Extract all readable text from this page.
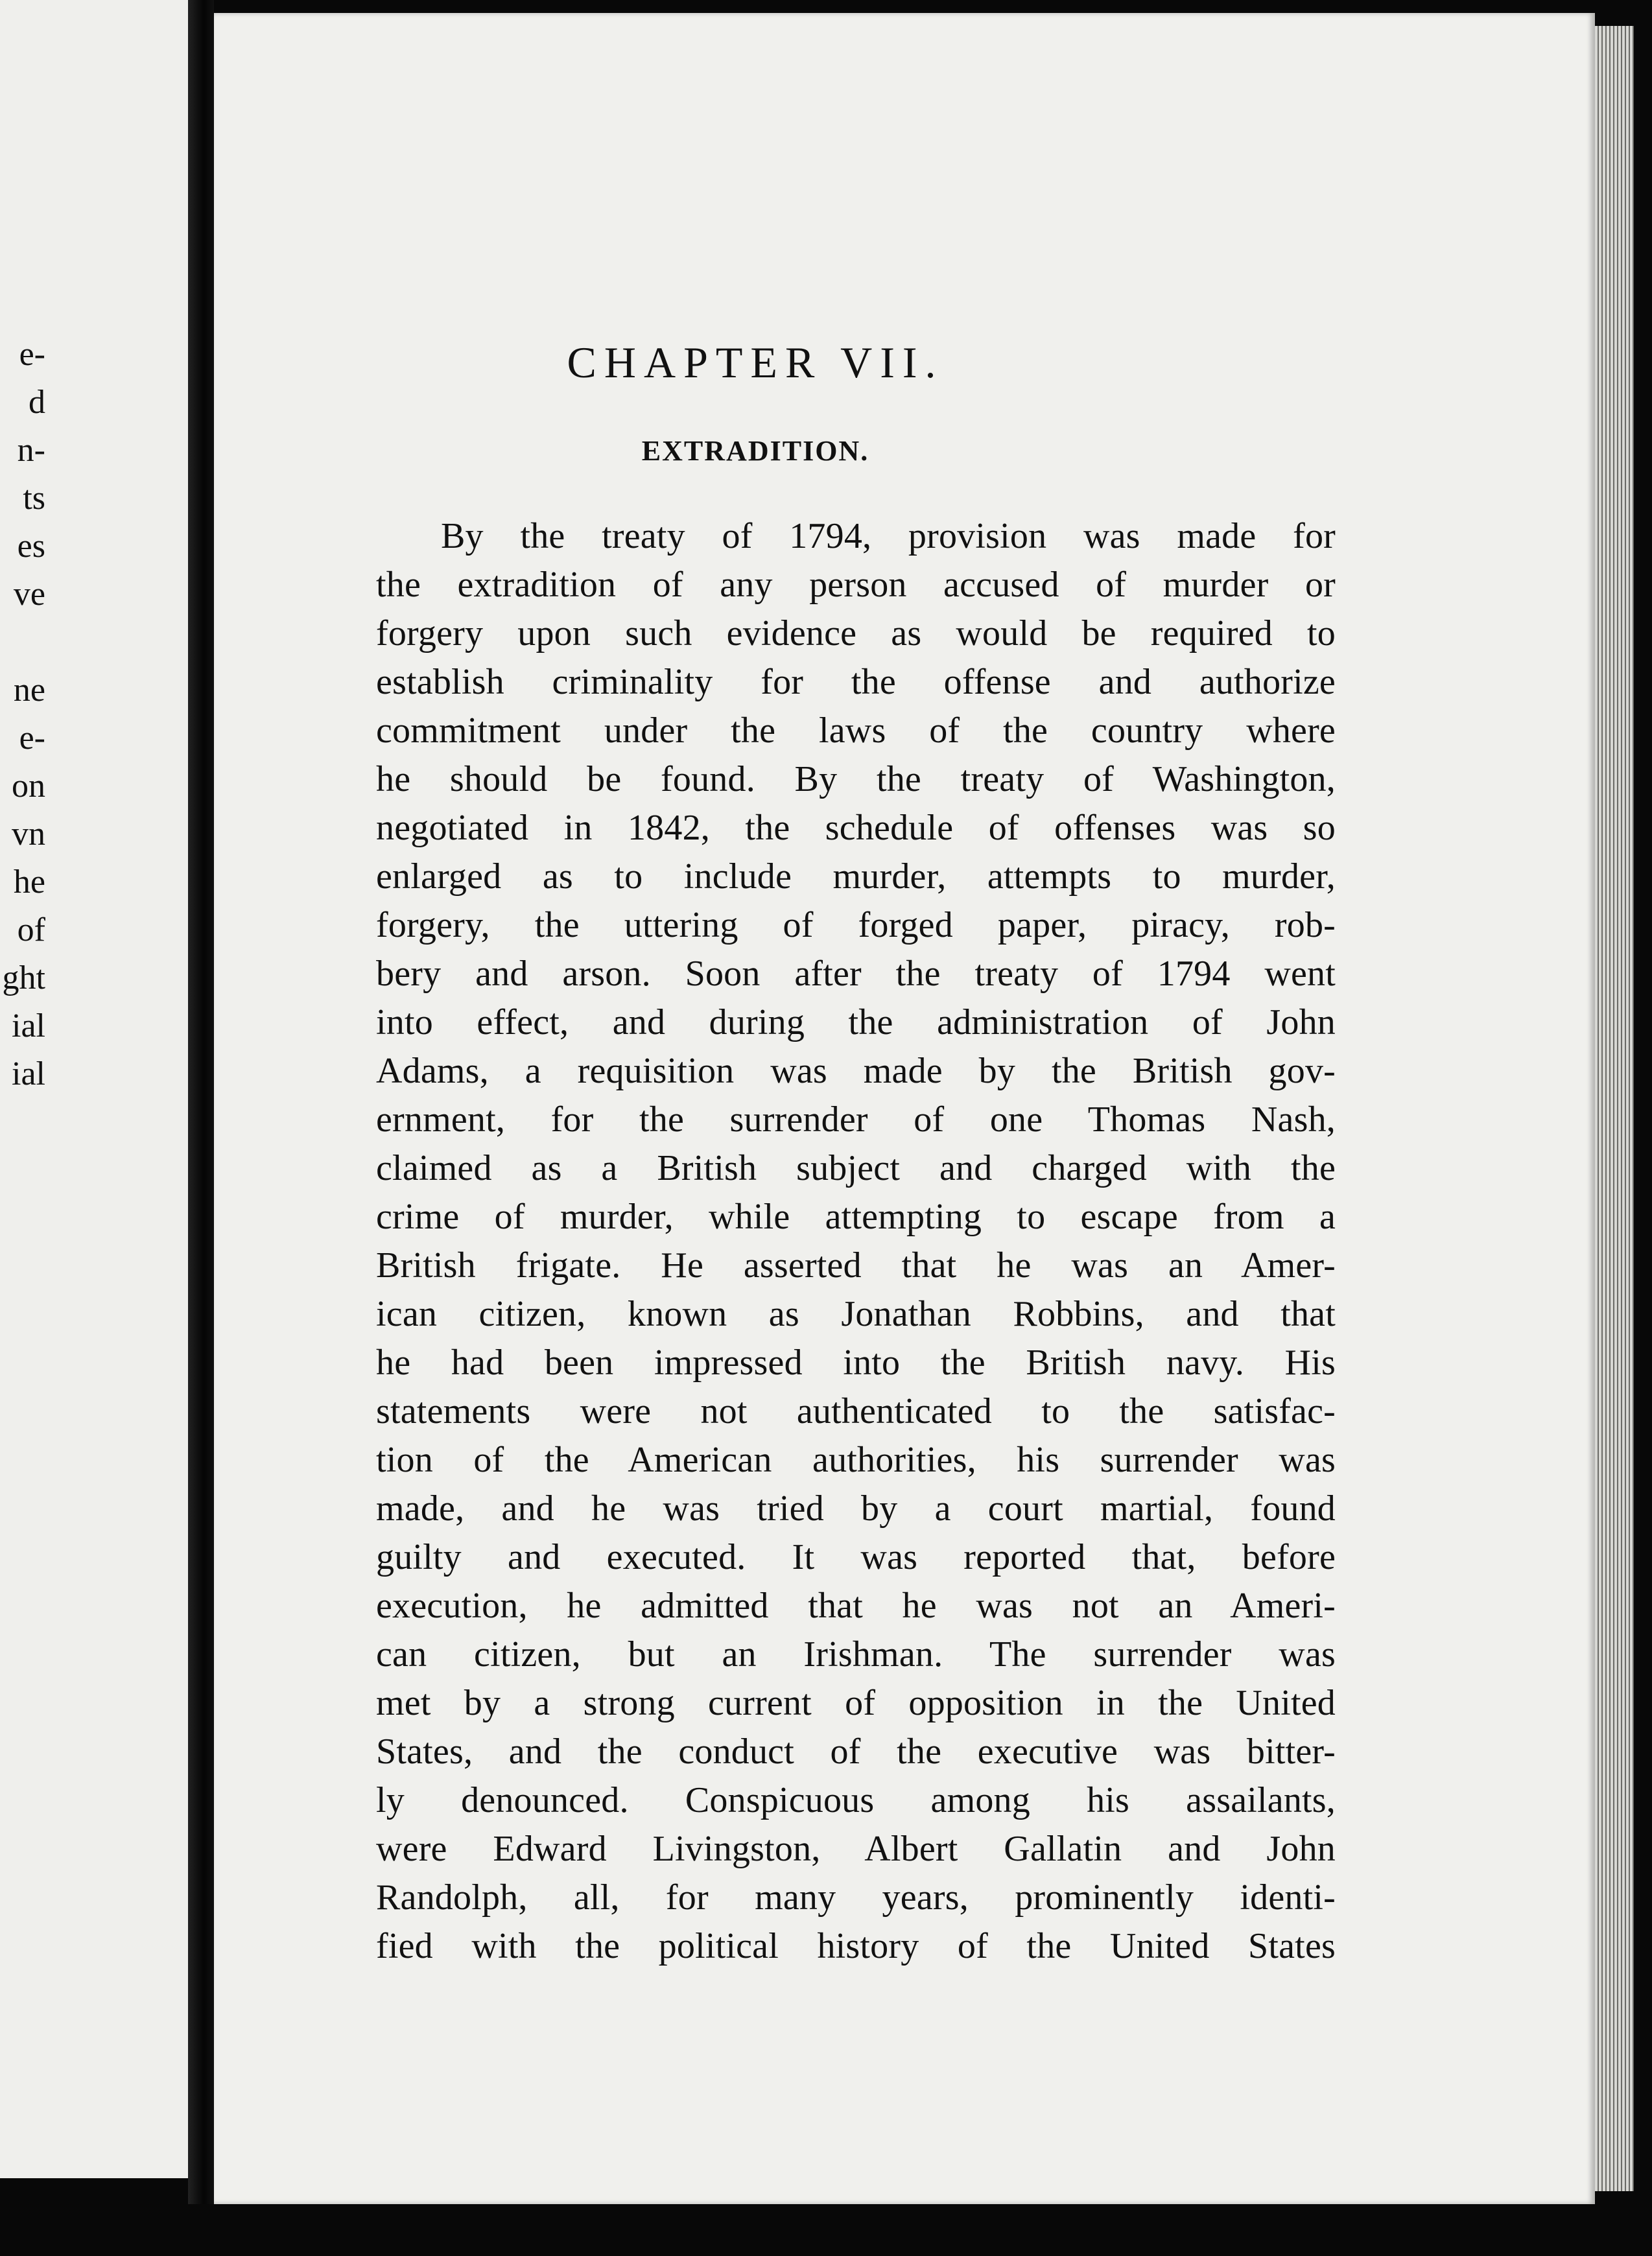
e-
d
n-
ts
es
ve
ne
e-
on
vn
he
of
ght
ial
ial
CHAPTER VII.
EXTRADITION.

By the treaty of 1794, provision was made for
the extradition of any person accused of murder or
forgery upon such evidence as would be required to
establish criminality for the offense and authorize
commitment under the laws of the country where
he should be found. By the treaty of Washington,
negotiated in 1842, the schedule of offenses was so
enlarged as to include murder, attempts to murder,
forgery, the uttering of forged paper, piracy, rob-
bery and arson. Soon after the treaty of 1794 went
into effect, and during the administration of John
Adams, a requisition was made by the British gov-
ernment, for the surrender of one Thomas Nash,
claimed as a British subject and charged with the
crime of murder, while attempting to escape from a
British frigate. He asserted that he was an Amer-
ican citizen, known as Jonathan Robbins, and that
he had been impressed into the British navy. His
statements were not authenticated to the satisfac-
tion of the American authorities, his surrender was
made, and he was tried by a court martial, found
guilty and executed. It was reported that, before
execution, he admitted that he was not an Ameri-
can citizen, but an Irishman. The surrender was
met by a strong current of opposition in the United
States, and the conduct of the executive was bitter-
ly denounced. Conspicuous among his assailants,
were Edward Livingston, Albert Gallatin and John
Randolph, all, for many years, prominently identi-
fied with the political history of the United States
